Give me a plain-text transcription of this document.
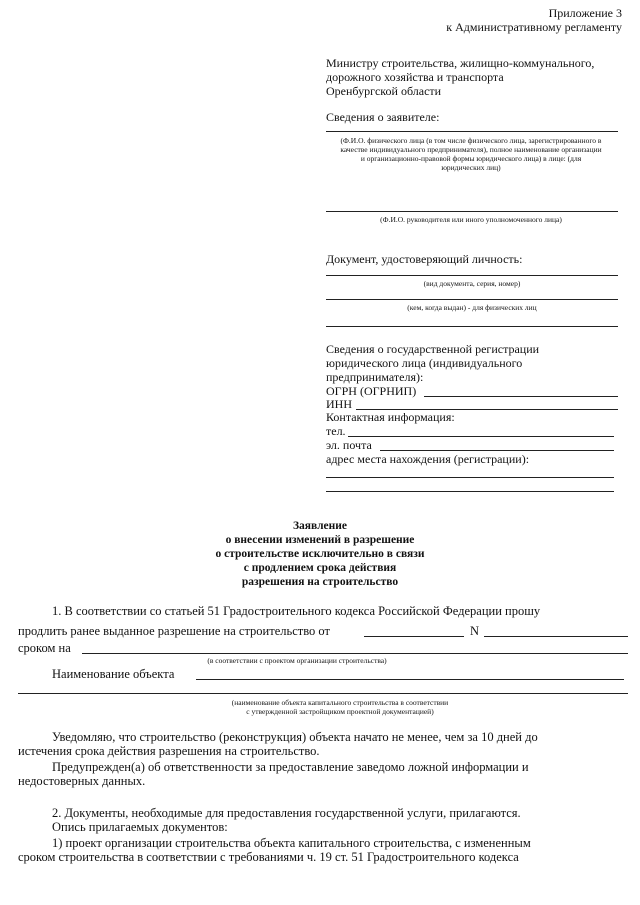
Приложение 3
к Административному регламенту
Министру строительства, жилищно-коммунального,
дорожного хозяйства и транспорта
Оренбургской области
Сведения о заявителе:
(Ф.И.О. физического лица (в том числе физического лица, зарегистрированного в качестве индивидуального предпринимателя), полное наименование организации и организационно-правовой формы юридического лица) в лице: (для юридических лиц)
(Ф.И.О. руководителя или иного уполномоченного лица)
Документ, удостоверяющий личность:
(вид документа, серия, номер)
(кем, когда выдан) - для физических лиц
Сведения о государственной регистрации
юридического лица (индивидуального
предпринимателя):
ОГРН (ОГРНИП)
ИНН
Контактная информация:
тел.
эл. почта
адрес места нахождения (регистрации):
Заявление
о внесении изменений в разрешение
о строительстве исключительно в связи
с продлением срока действия
разрешения на строительство
1. В соответствии со статьей 51 Градостроительного кодекса Российской Федерации прошу
продлить ранее выданное разрешение на строительство от	N
сроком на
(в соответствии с проектом организации строительства)
Наименование объекта
(наименование объекта капитального строительства в соответствии
с утвержденной застройщиком проектной документацией)
Уведомляю, что строительство (реконструкция) объекта начато не менее, чем за 10 дней до
истечения срока действия разрешения на строительство.
Предупрежден(а) об ответственности за предоставление заведомо ложной информации и
недостоверных данных.
2. Документы, необходимые для предоставления государственной услуги, прилагаются.
Опись прилагаемых документов:
1) проект организации строительства объекта капитального строительства, с измененным
сроком строительства в соответствии с требованиями ч. 19 ст. 51 Градостроительного кодекса
